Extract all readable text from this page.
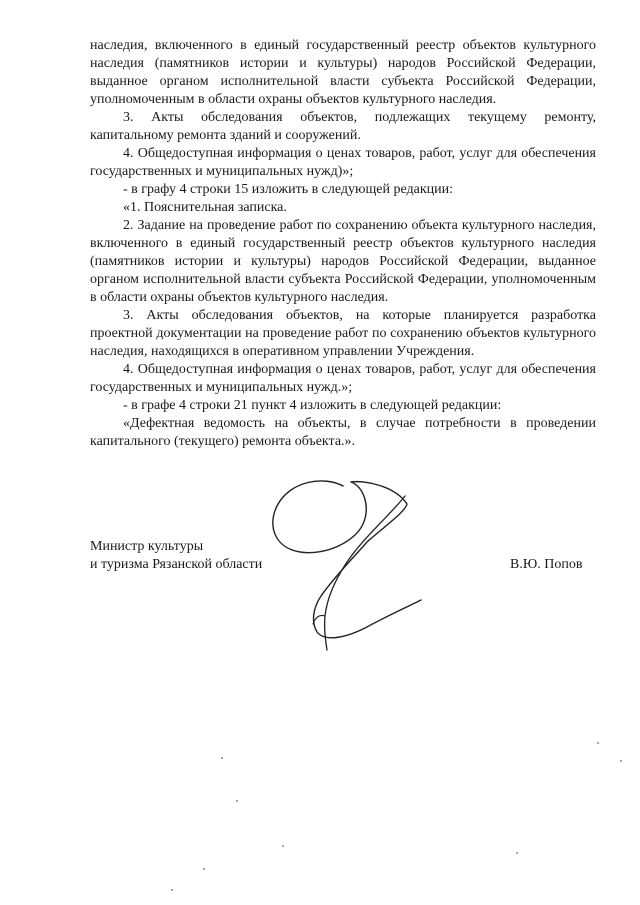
наследия, включенного в единый государственный реестр объектов культурного наследия (памятников истории и культуры) народов Российской Федерации, выданное органом исполнительной власти субъекта Российской Федерации, уполномоченным в области охраны объектов культурного наследия.

3. Акты обследования объектов, подлежащих текущему ремонту, капитальному ремонта зданий и сооружений.

4. Общедоступная информация о ценах товаров, работ, услуг для обеспечения государственных и муниципальных нужд)»;

- в графу 4 строки 15 изложить в следующей редакции:

«1. Пояснительная записка.

2. Задание на проведение работ по сохранению объекта культурного наследия, включенного в единый государственный реестр объектов культурного наследия (памятников истории и культуры) народов Российской Федерации, выданное органом исполнительной власти субъекта Российской Федерации, уполномоченным в области охраны объектов культурного наследия.

3. Акты обследования объектов, на которые планируется разработка проектной документации на проведение работ по сохранению объектов культурного наследия, находящихся в оперативном управлении Учреждения.

4. Общедоступная информация о ценах товаров, работ, услуг для обеспечения государственных и муниципальных нужд.»;

- в графе 4 строки 21 пункт 4 изложить в следующей редакции:

«Дефектная ведомость на объекты, в случае потребности в проведении капитального (текущего) ремонта объекта.».

Министр культуры
и туризма Рязанской области	В.Ю. Попов
